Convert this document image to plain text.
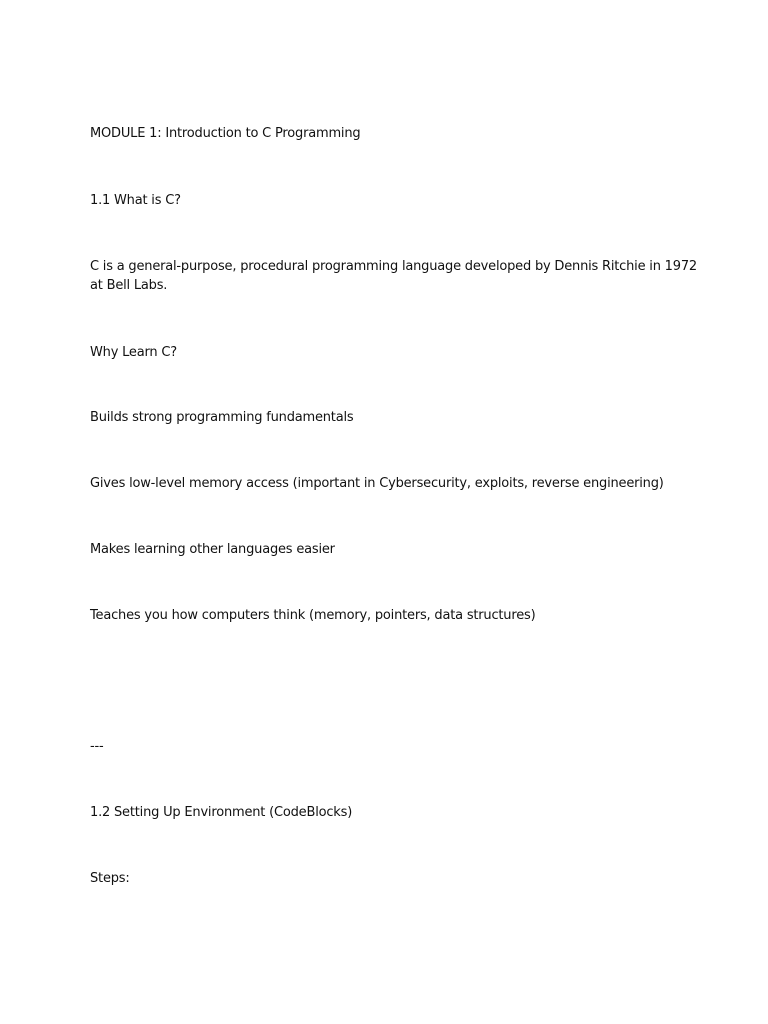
MODULE 1: Introduction to C Programming
1.1 What is C?
C is a general-purpose, procedural programming language developed by Dennis Ritchie in 1972 at Bell Labs.
Why Learn C?
Builds strong programming fundamentals
Gives low-level memory access (important in Cybersecurity, exploits, reverse engineering)
Makes learning other languages easier
Teaches you how computers think (memory, pointers, data structures)
---
1.2 Setting Up Environment (CodeBlocks)
Steps:
